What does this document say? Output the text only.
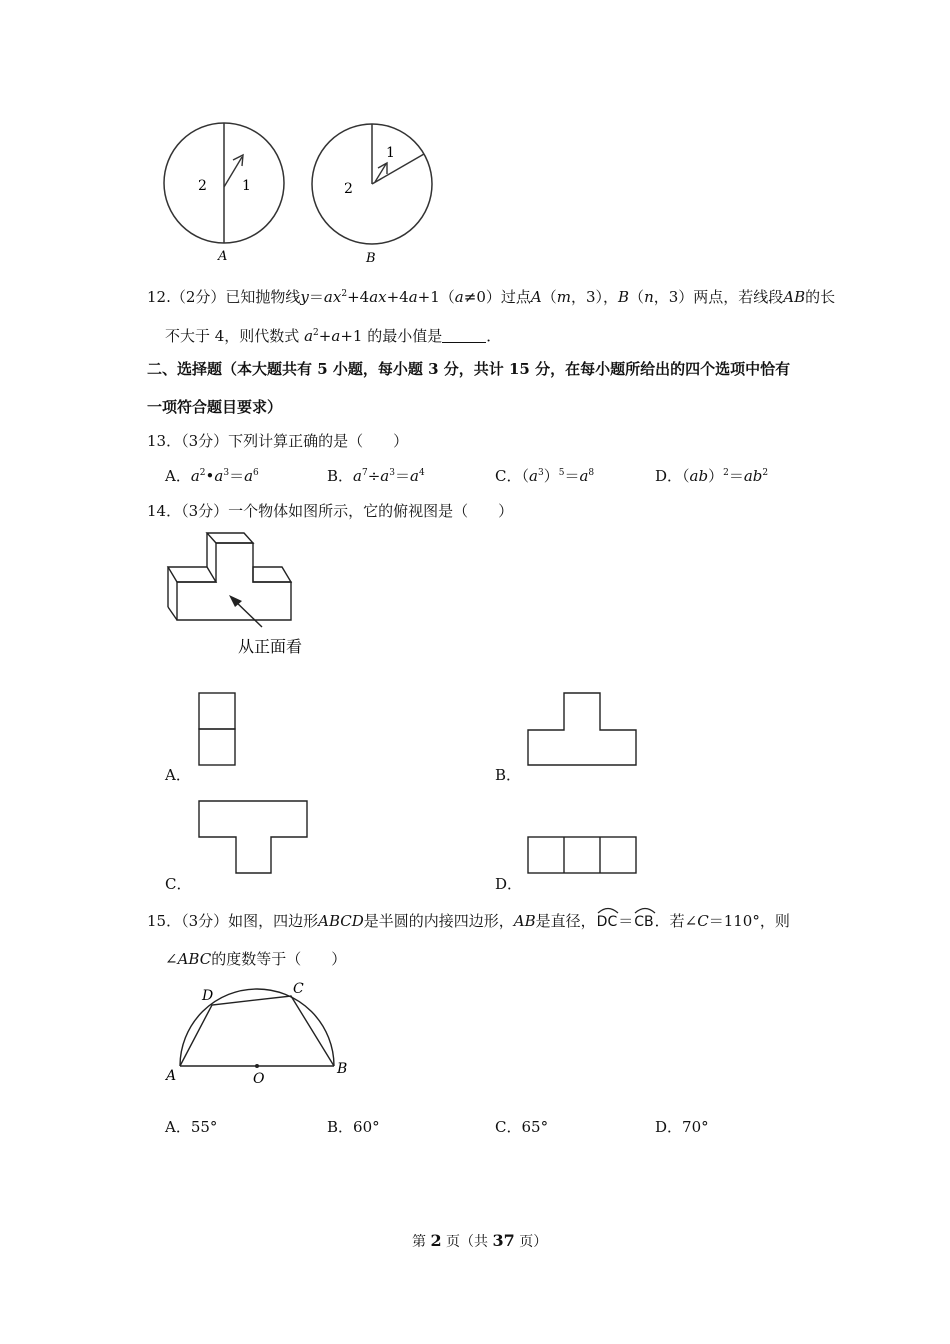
2	1
A
1
2
B
12.（2分）已知抛物线$y=ax^2+4ax+4a+1(a\ne 0)$过点A（m，3），B（n，3）两点，若线段AB的长
不大于 4，则代数式 $a^2+a+1$ 的最小值是	．
二、选择题（本大题共有 5 小题，每小题 3 分，共计 15 分，在每小题所给出的四个选项中恰有
一项符合题目要求）
13．（3分）下列计算正确的是（　　）
A．$a^2•a^3=a^6$	B．$a^7\div a^3=a^4$	C．$(a^3)^5=a^8$	D．$(ab)^2=ab^2$
14．（3分）一个物体如图所示，它的俯视图是（　　）
从正面看
A．	B．
C．	D．
15．（3分）如图，四边形ABCD是半圆的内接四边形，AB是直径，
DC＝
CB．若∠C＝110°，则
∠ABC的度数等于（　　）
A	O
B
D	C
A．55°	B．60°	C．65°	D．70°
第 2 页（共 37 页）
